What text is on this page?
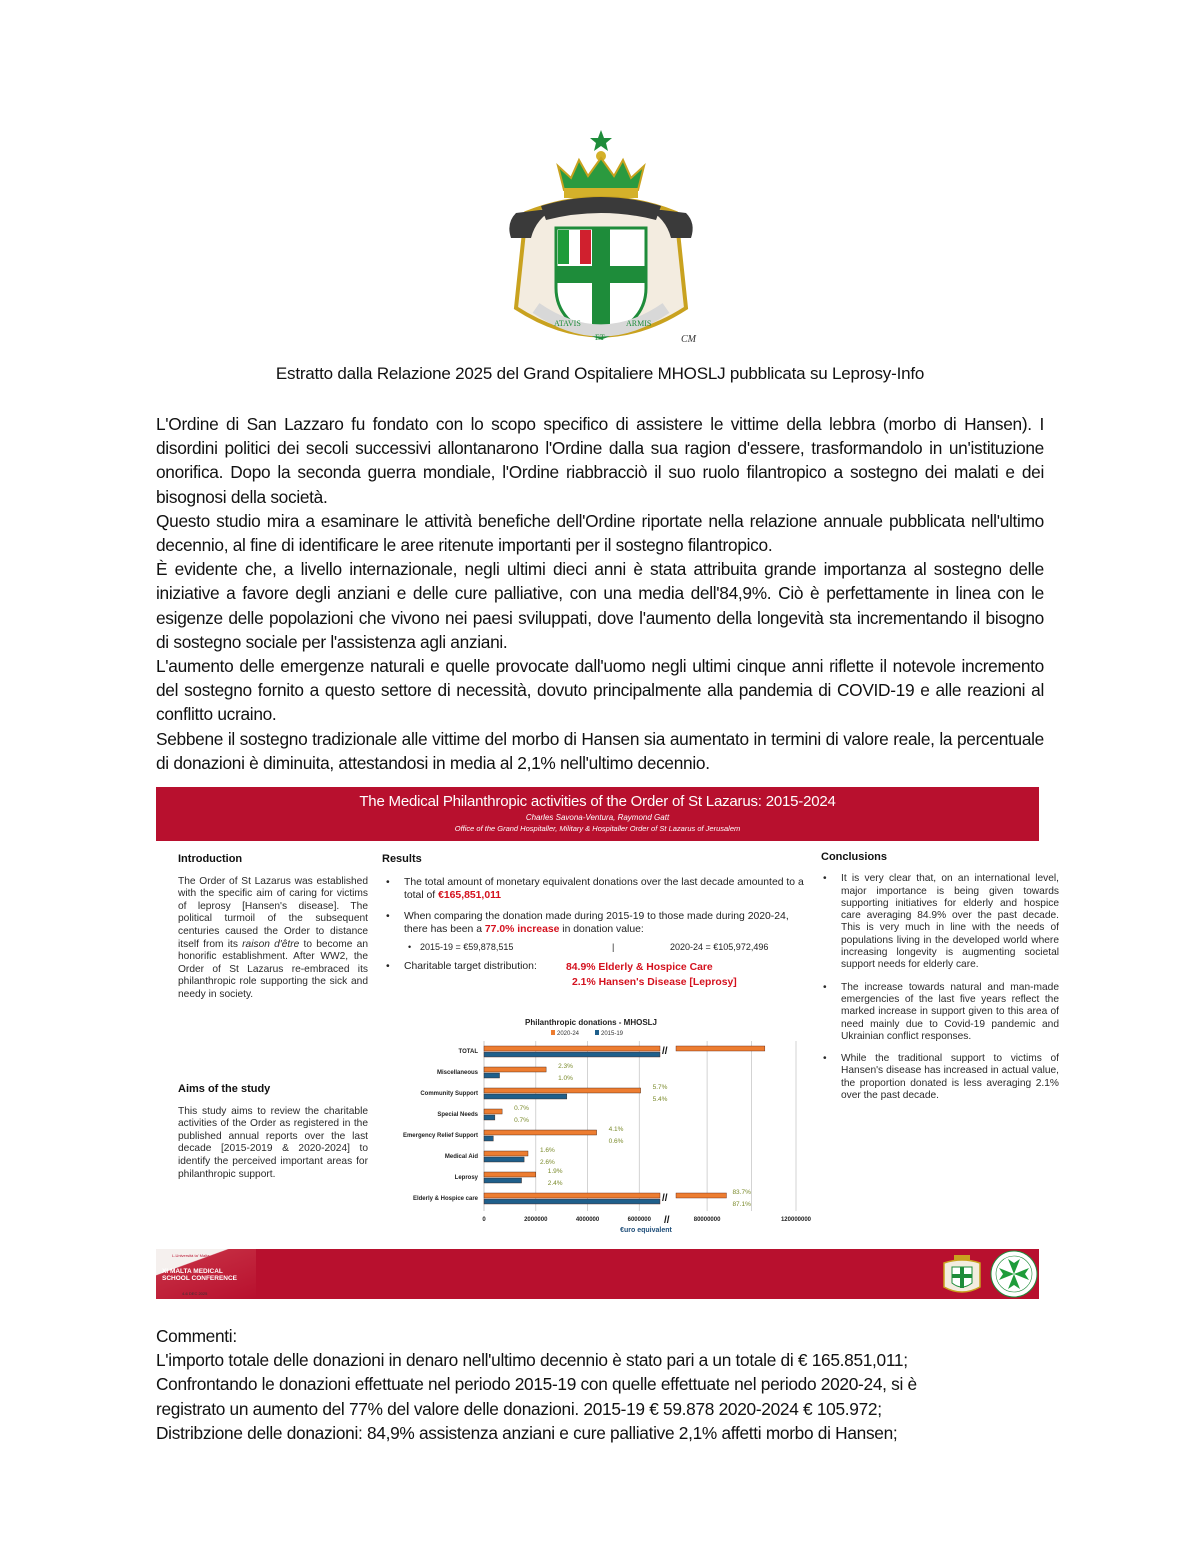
ATAVIS
ET
ARMIS
CM
Estratto dalla Relazione 2025 del Grand Ospitaliere MHOSLJ pubblicata su Leprosy-Info

L'Ordine di San Lazzaro fu fondato con lo scopo specifico di assistere le vittime della lebbra (morbo di Hansen). I disordini politici dei secoli successivi allontanarono l'Ordine dalla sua ragion d'essere, trasformandolo in un'istituzione onorifica. Dopo la seconda guerra mondiale, l'Ordine riabbracciò il suo ruolo filantropico a sostegno dei malati e dei bisognosi della società.

Questo studio mira a esaminare le attività benefiche dell'Ordine riportate nella relazione annuale pubblicata nell'ultimo decennio, al fine di identificare le aree ritenute importanti per il sostegno filantropico.

È evidente che, a livello internazionale, negli ultimi dieci anni è stata attribuita grande importanza al sostegno delle iniziative a favore degli anziani e delle cure palliative, con una media dell'84,9%. Ciò è perfettamente in linea con le esigenze delle popolazioni che vivono nei paesi sviluppati, dove l'aumento della longevità sta incrementando il bisogno di sostegno sociale per l'assistenza agli anziani.

L'aumento delle emergenze naturali e quelle provocate dall'uomo negli ultimi cinque anni riflette il notevole incremento del sostegno fornito a questo settore di necessità, dovuto principalmente alla pandemia di COVID-19 e alle reazioni al conflitto ucraino.

Sebbene il sostegno tradizionale alle vittime del morbo di Hansen sia aumentato in termini di valore reale, la percentuale di donazioni è diminuita, attestandosi in media al 2,1% nell'ultimo decennio.

The Medical Philanthropic activities of the Order of St Lazarus: 2015-2024
Charles Savona-Ventura, Raymond Gatt
Office of the Grand Hospitaller, Military & Hospitaller Order of St Lazarus of Jerusalem
Introduction

The Order of St Lazarus was established with the specific aim of caring for victims of leprosy [Hansen's disease]. The political turmoil of the subsequent centuries caused the Order to distance itself from its raison d'être to become an honorific establishment. After WW2, the Order of St Lazarus re-embraced its philanthropic role supporting the sick and needy in society.

Aims of the study

This study aims to review the charitable activities of the Order as registered in the published annual reports over the last decade [2015-2019 & 2020-2024] to identify the perceived important areas for philanthropic support.

Results
• The total amount of monetary equivalent donations over the last decade amounted to a total of €165,851,011
• When comparing the donation made during 2015-19 to those made during 2020-24, there has been a 77.0% increase in donation value:
• 2015-19 = €59,878,515	|	2020-24 = €105,972,496
• Charitable target distribution:	84.9% Elderly & Hospice Care
2.1% Hansen's Disease [Leprosy]
Philanthropic donations - MHOSLJ
2020-24	2015-19
TOTAL	//
Miscellaneous
2.3%
1.0%
Community Support
5.7%
5.4%
Special Needs
0.7%
0.7%
Emergency Relief Support
4.1%
0.6%
Medical Aid
1.6%
2.6%
Leprosy
1.9%
2.4%
Elderly & Hospice care	//
83.7%
87.1%
0	2000000	4000000	6000000	80000000	120000000
//
€uro equivalent
Conclusions
• It is very clear that, on an international level, major importance is being given towards supporting initiatives for elderly and hospice care averaging 84.9% over the past decade. This is very much in line with the needs of populations living in the developed world where increasing longevity is augmenting societal support needs for elderly care.
• The increase towards natural and man-made emergencies of the last five years reflect the marked increase in support given to this area of need mainly due to Covid-19 pandemic and Ukrainian conflict responses.
• While the traditional support to victims of Hansen's disease has increased in actual value, the proportion donated is less averaging 2.1% over the past decade.
L-Università ta' Malta
XI MALTA MEDICAL
SCHOOL CONFERENCE
4-6 DEC 2025

Commenti:

L'importo totale delle donazioni in denaro nell'ultimo decennio è stato pari a un totale di € 165.851,011;

Confrontando le donazioni effettuate nel periodo 2015-19 con quelle effettuate nel periodo 2020-24, si è

registrato un aumento del 77% del valore delle donazioni. 2015-19 € 59.878 2020-2024 € 105.972;

Distribzione delle donazioni: 84,9% assistenza anziani e cure palliative 2,1% affetti morbo di Hansen;
